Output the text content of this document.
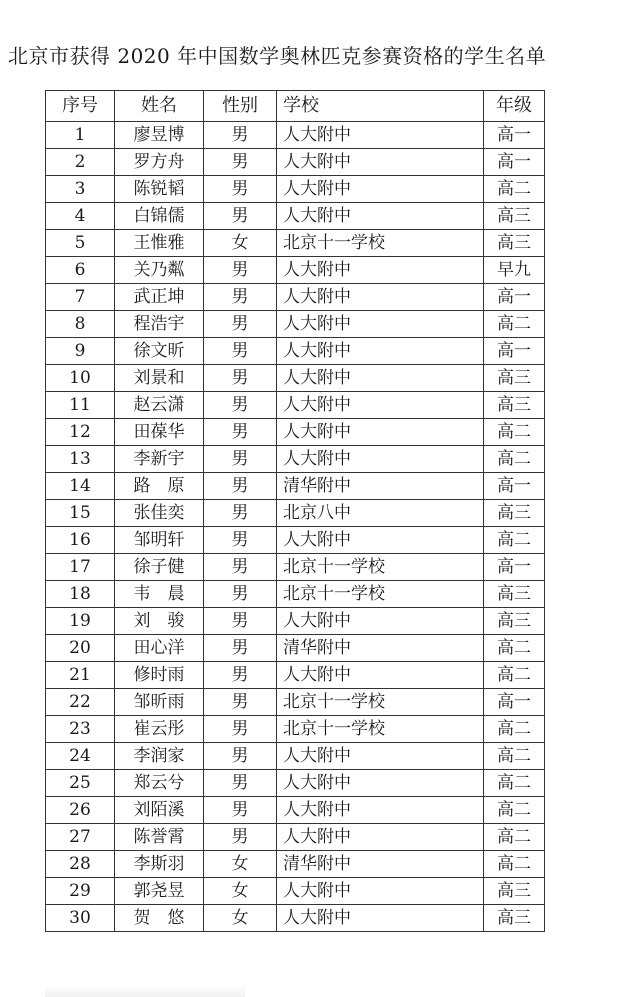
北京市获得 2020 年中国数学奥林匹克参赛资格的学生名单
序号	姓名	性别	学校	年级
1	廖昱博	男	人大附中	高一
2	罗方舟	男	人大附中	高一
3	陈锐韬	男	人大附中	高二
4	白锦儒	男	人大附中	高三
5	王惟雅	女	北京十一学校	高三
6	关乃粼	男	人大附中	早九
7	武正坤	男	人大附中	高一
8	程浩宇	男	人大附中	高二
9	徐文昕	男	人大附中	高一
10	刘景和	男	人大附中	高三
11	赵云潇	男	人大附中	高三
12	田葆华	男	人大附中	高二
13	李新宇	男	人大附中	高二
14	路　原	男	清华附中	高一
15	张佳奕	男	北京八中	高三
16	邹明轩	男	人大附中	高二
17	徐子健	男	北京十一学校	高一
18	韦　晨	男	北京十一学校	高三
19	刘　骏	男	人大附中	高三
20	田心洋	男	清华附中	高二
21	修时雨	男	人大附中	高二
22	邹昕雨	男	北京十一学校	高一
23	崔云彤	男	北京十一学校	高二
24	李润家	男	人大附中	高二
25	郑云兮	男	人大附中	高二
26	刘陌溪	男	人大附中	高二
27	陈誉霄	男	人大附中	高二
28	李斯羽	女	清华附中	高二
29	郭尧昱	女	人大附中	高三
30	贺　悠	女	人大附中	高三
